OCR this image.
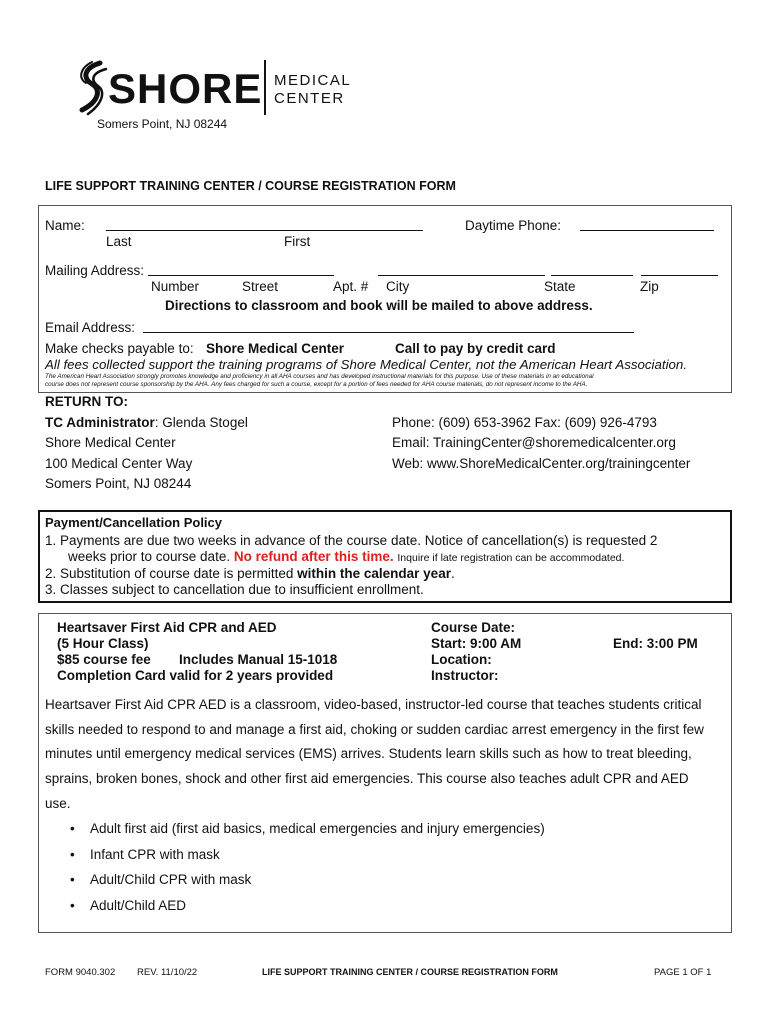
SHORE MEDICAL
CENTER
Somers Point, NJ 08244
LIFE SUPPORT TRAINING CENTER / COURSE REGISTRATION FORM
Name:
Last	First
Daytime Phone:
Mailing Address:
Number	Street	Apt. # City	State	Zip
Directions to classroom and book will be mailed to above address.
Email Address:
Make checks payable to: Shore Medical Center	Call to pay by credit card
All fees collected support the training programs of Shore Medical Center, not the American Heart Association.
The American Heart Association strongly promotes knowledge and proficiency in all AHA courses and has developed instructional materials for this purpose. Use of these materials in an educational
course does not represent course sponsorship by the AHA. Any fees charged for such a course, except for a portion of fees needed for AHA course materials, do not represent income to the AHA.
RETURN TO:
TC Administrator: Glenda Stogel
Shore Medical Center
100 Medical Center Way
Somers Point, NJ 08244
Phone: (609) 653-3962 Fax: (609) 926-4793
Email: TrainingCenter@shoremedicalcenter.org
Web: www.ShoreMedicalCenter.org/trainingcenter
Payment/Cancellation Policy
1. Payments are due two weeks in advance of the course date. Notice of cancellation(s) is requested 2
weeks prior to course date. No refund after this time. Inquire if late registration can be accommodated.
2. Substitution of course date is permitted within the calendar year.
3. Classes subject to cancellation due to insufficient enrollment.
Heartsaver First Aid CPR and AED
(5 Hour Class)
$85 course fee Includes Manual 15-1018
Completion Card valid for 2 years provided
Course Date:
Start: 9:00 AM	End: 3:00 PM
Location:
Instructor:
Heartsaver First Aid CPR AED is a classroom, video-based, instructor-led course that teaches students critical
skills needed to respond to and manage a first aid, choking or sudden cardiac arrest emergency in the first few
minutes until emergency medical services (EMS) arrives. Students learn skills such as how to treat bleeding,
sprains, broken bones, shock and other first aid emergencies. This course also teaches adult CPR and AED
use.
• Adult first aid (first aid basics, medical emergencies and injury emergencies)
• Infant CPR with mask
• Adult/Child CPR with mask
• Adult/Child AED
FORM 9040.302 REV. 11/10/22	LIFE SUPPORT TRAINING CENTER / COURSE REGISTRATION FORM	PAGE 1 OF 1
